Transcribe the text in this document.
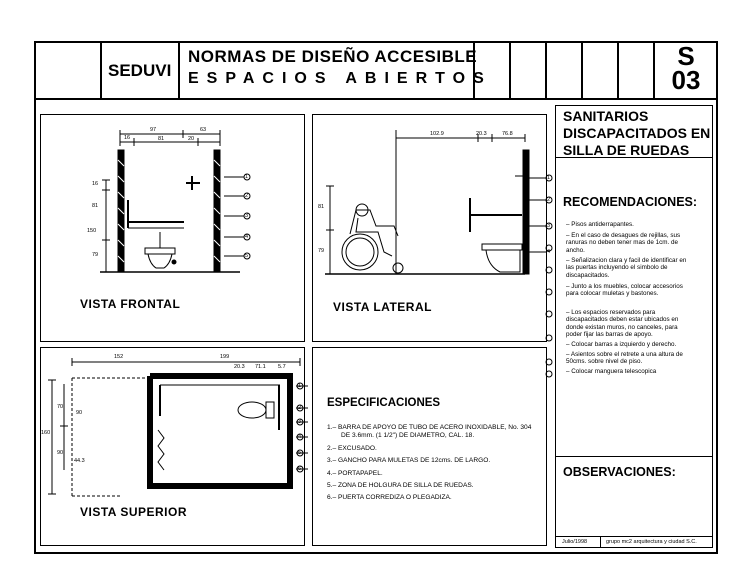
SEDUVI
NORMAS DE DISEÑO ACCESIBLE
ESPACIOS ABIERTOS
S
03
SANITARIOS
DISCAPACITADOS EN
SILLA DE RUEDAS
RECOMENDACIONES:
– Pisos antiderrapantes.
– En el caso de desagues de rejillas, sus ranuras no deben tener mas de 1cm. de ancho.
– Señalizacion clara y facil de identificar en las puertas incluyendo el simbolo de discapacitados.
– Junto a los muebles, colocar accesorios para colocar muletas y bastones.
– Los espacios reservados para discapacitados deben estar ubicados en donde existan muros, no canceles, para poder fijar las barras de apoyo.
– Colocar barras a izquierdo y derecho.
– Asientos sobre el retrete a una altura de 50cms. sobre nivel de piso.
– Colocar manguera telescopica
OBSERVACIONES:
Julio/1998	grupo mc2 arquitectura y ciudad S.C.
VISTA FRONTAL	VISTA LATERAL
VISTA SUPERIOR
ESPECIFICACIONES
1.– BARRA DE APOYO DE TUBO DE ACERO INOXIDABLE, No. 304
DE 3.6mm. (1 1/2") DE DIAMETRO, CAL. 18.
2.– EXCUSADO.
3.– GANCHO PARA MULETAS DE 12cms. DE LARGO.
4.– PORTAPAPEL.
5.– ZONA DE HOLGURA DE SILLA DE RUEDAS.
6.– PUERTA CORREDIZA O PLEGADIZA.
97	63
16	81	20
16
81
150
79
1
2
3
4
5
102.9	20.3	76.8
81
79
1
2
3
4
152	199
20.3 71.1 5.7
70
90
160
90
44.3
1
2
3
4
5
6
